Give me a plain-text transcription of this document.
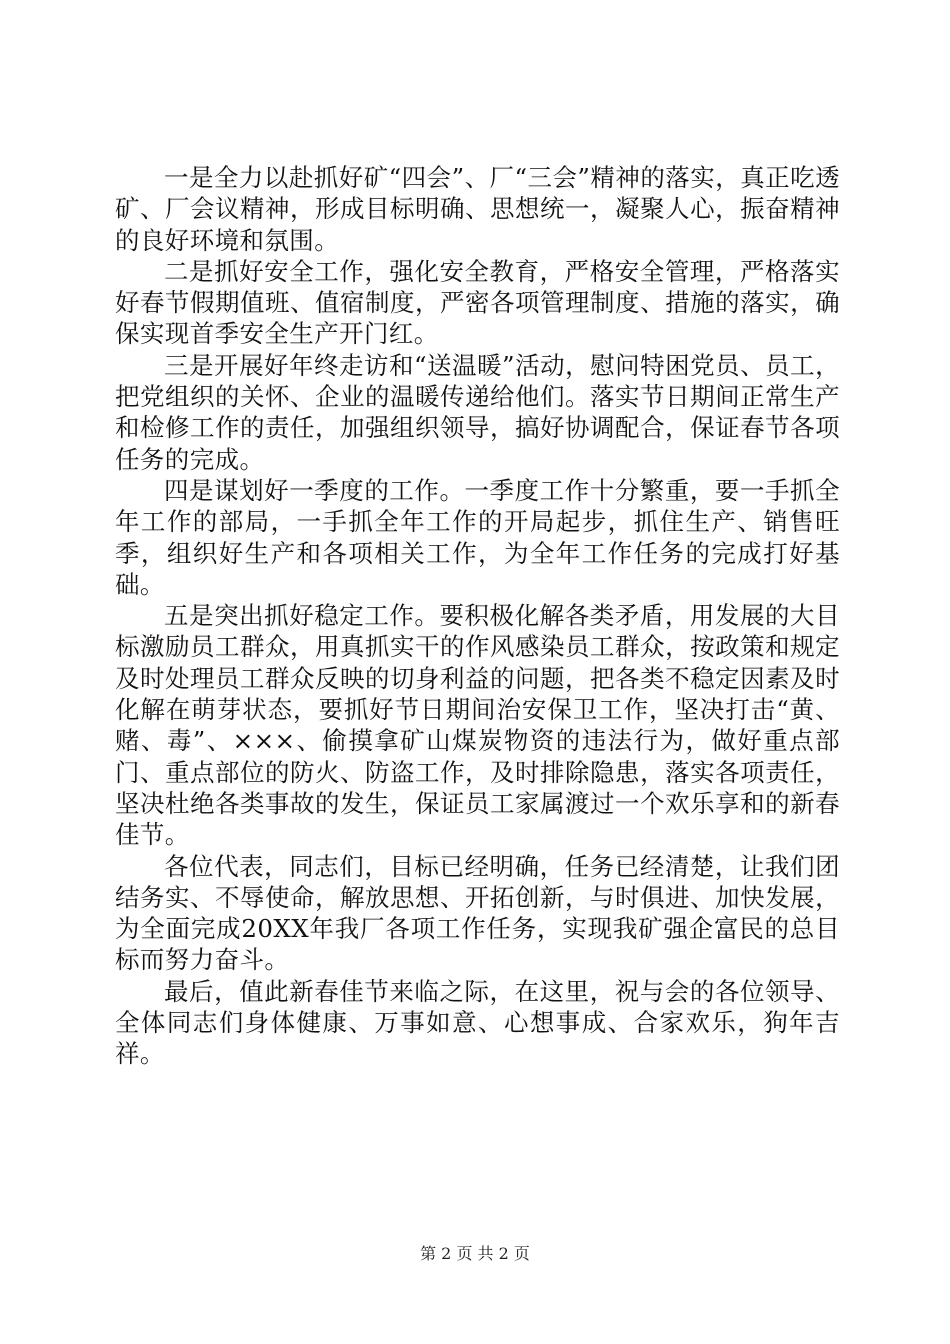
一是全力以赴抓好矿“四会”、厂“三会”精神的落实，真正吃透矿、厂会议精神，形成目标明确、思想统一，凝聚人心，振奋精神的良好环境和氛围。

二是抓好安全工作，强化安全教育，严格安全管理，严格落实好春节假期值班、值宿制度，严密各项管理制度、措施的落实，确保实现首季安全生产开门红。

三是开展好年终走访和“送温暖”活动，慰问特困党员、员工，把党组织的关怀、企业的温暖传递给他们。落实节日期间正常生产和检修工作的责任，加强组织领导，搞好协调配合，保证春节各项任务的完成。

四是谋划好一季度的工作。一季度工作十分繁重，要一手抓全年工作的部局，一手抓全年工作的开局起步，抓住生产、销售旺季，组织好生产和各项相关工作，为全年工作任务的完成打好基础。

五是突出抓好稳定工作。要积极化解各类矛盾，用发展的大目标激励员工群众，用真抓实干的作风感染员工群众，按政策和规定及时处理员工群众反映的切身利益的问题，把各类不稳定因素及时化解在萌芽状态，要抓好节日期间治安保卫工作，坚决打击“黄、赌、毒”、×××、偷摸拿矿山煤炭物资的违法行为，做好重点部门、重点部位的防火、防盗工作，及时排除隐患，落实各项责任，坚决杜绝各类事故的发生，保证员工家属渡过一个欢乐享和的新春佳节。

各位代表，同志们，目标已经明确，任务已经清楚，让我们团结务实、不辱使命，解放思想、开拓创新，与时俱进、加快发展，为全面完成20XX年我厂各项工作任务，实现我矿强企富民的总目标而努力奋斗。

最后，值此新春佳节来临之际，在这里，祝与会的各位领导、全体同志们身体健康、万事如意、心想事成、合家欢乐，狗年吉祥。

第 2 页 共 2 页
